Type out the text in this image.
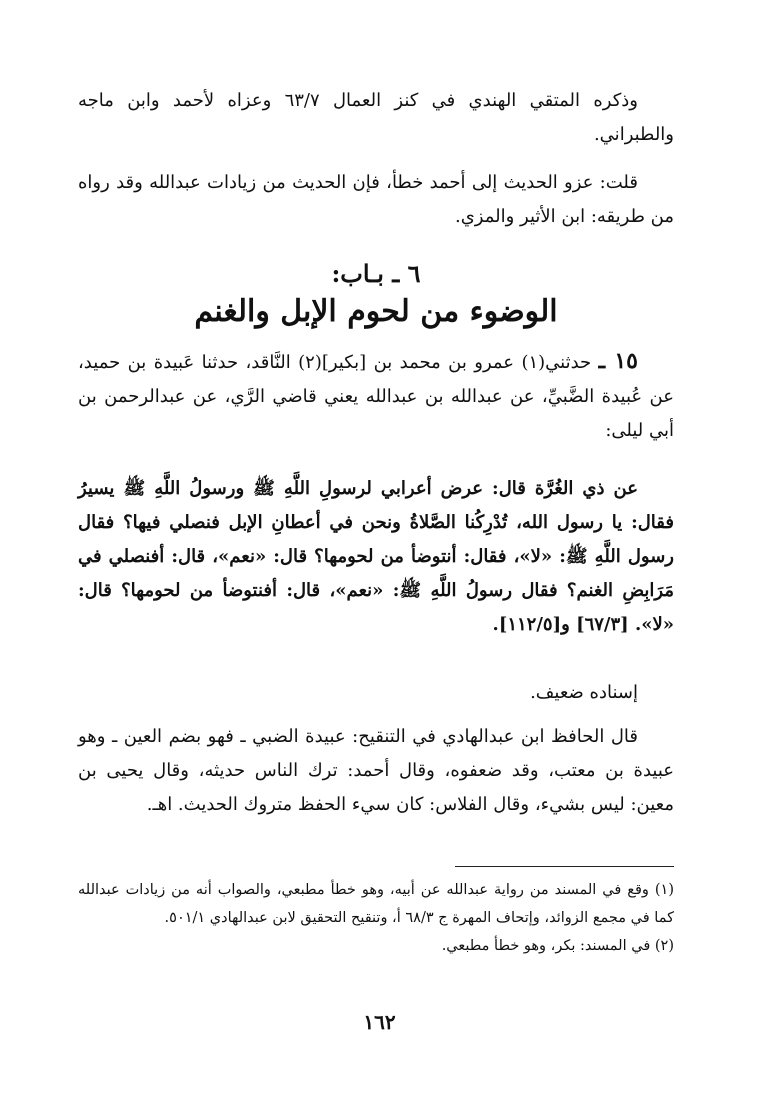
وذكره المتقي الهندي في كنز العمال ٦٣/٧ وعزاه لأحمد وابن ماجه والطبراني.

قلت: عزو الحديث إلى أحمد خطأ، فإن الحديث من زيادات عبدالله وقد رواه من طريقه: ابن الأثير والمزي.

٦ ـ بـاب:
الوضوء من لحوم الإبل والغنم

١٥ ـ حدثني(١) عمرو بن محمد بن [بكير](٢) النَّاقد، حدثنا عَبيدة بن حميد، عن عُبيدة الضَّبيِّ، عن عبدالله بن عبدالله يعني قاضي الرَّي، عن عبدالرحمن بن أبي ليلى:

عن ذي الغُرَّة قال: عرض أعرابي لرسولِ اللَّهِ ﷺ ورسولُ اللَّهِ ﷺ يسيرُ فقال: يا رسول الله، تُدْرِكُنا الصَّلاةُ ونحن في أعطانِ الإبل فنصلي فيها؟ فقال رسول اللَّهِ ﷺ: «لا»، فقال: أنتوضأ من لحومها؟ قال: «نعم»، قال: أفنصلي في مَرَابِضِ الغنم؟ فقال رسولُ اللَّهِ ﷺ: «نعم»، قال: أفنتوضأ من لحومها؟ قال: «لا». [٦٧/٣] و[١١٢/٥].

إسناده ضعيف.

قال الحافظ ابن عبدالهادي في التنقيح: عبيدة الضبي ـ فهو بضم العين ـ وهو عبيدة بن معتب، وقد ضعفوه، وقال أحمد: ترك الناس حديثه، وقال يحيى بن معين: ليس بشيء، وقال الفلاس: كان سيء الحفظ متروك الحديث. اهـ.

(١) وقع في المسند من رواية عبدالله عن أبيه، وهو خطأ مطبعي، والصواب أنه من زيادات عبدالله كما في مجمع الزوائد، وإتحاف المهرة ج ٦٨/٣ أ، وتنقيح التحقيق لابن عبدالهادي ٥٠١/١.

(٢) في المسند: بكر، وهو خطأ مطبعي.

١٦٢
